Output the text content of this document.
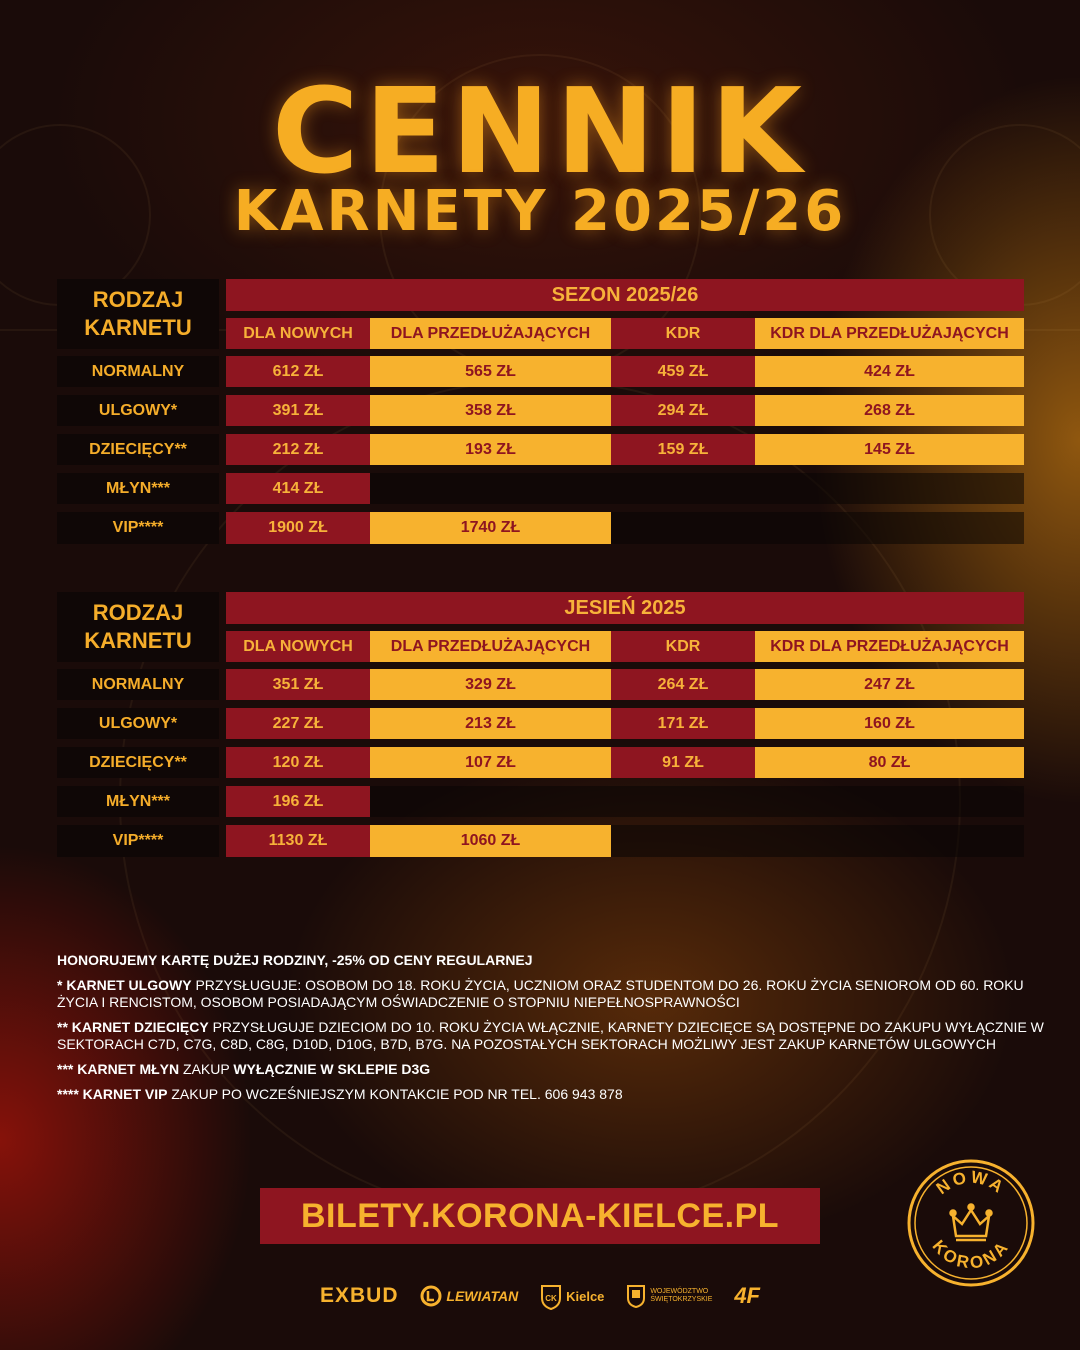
CENNIK
KARNETY 2025/26
RODZAJ KARNETU
SEZON 2025/26
DLA NOWYCH	DLA PRZEDŁUŻAJĄCYCH	KDR	KDR DLA PRZEDŁUŻAJĄCYCH
NORMALNY	612 ZŁ	565 ZŁ	459 ZŁ	424 ZŁ
ULGOWY*	391 ZŁ	358 ZŁ	294 ZŁ	268 ZŁ
DZIECIĘCY**	212 ZŁ	193 ZŁ	159 ZŁ	145 ZŁ
MŁYN***	414 ZŁ
VIP****	1900 ZŁ	1740 ZŁ
RODZAJ KARNETU
JESIEŃ 2025
DLA NOWYCH	DLA PRZEDŁUŻAJĄCYCH	KDR	KDR DLA PRZEDŁUŻAJĄCYCH
NORMALNY	351 ZŁ	329 ZŁ	264 ZŁ	247 ZŁ
ULGOWY*	227 ZŁ	213 ZŁ	171 ZŁ	160 ZŁ
DZIECIĘCY**	120 ZŁ	107 ZŁ	91 ZŁ	80 ZŁ
MŁYN***	196 ZŁ
VIP****	1130 ZŁ	1060 ZŁ

HONORUJEMY KARTĘ DUŻEJ RODZINY, -25% OD CENY REGULARNEJ

* KARNET ULGOWY PRZYSŁUGUJE: OSOBOM DO 18. ROKU ŻYCIA, UCZNIOM ORAZ STUDENTOM DO 26. ROKU ŻYCIA SENIOROM OD 60. ROKU ŻYCIA I RENCISTOM, OSOBOM POSIADAJĄCYM OŚWIADCZENIE O STOPNIU NIEPEŁNOSPRAWNOŚCI

** KARNET DZIECIĘCY PRZYSŁUGUJE DZIECIOM DO 10. ROKU ŻYCIA WŁĄCZNIE, KARNETY DZIECIĘCE SĄ DOSTĘPNE DO ZAKUPU WYŁĄCZNIE W SEKTORACH C7D, C7G, C8D, C8G, D10D, D10G, B7D, B7G. NA POZOSTAŁYCH SEKTORACH MOŻLIWY JEST ZAKUP KARNETÓW ULGOWYCH

*** KARNET MŁYN ZAKUP WYŁĄCZNIE W SKLEPIE D3G

**** KARNET VIP ZAKUP PO WCZEŚNIEJSZYM KONTAKCIE POD NR TEL. 606 943 878

BILETY.KORONA-KIELCE.PL
EXBUD	LEWIATAN	CK Kielce	WOJEWÓDZTWO
ŚWIĘTOKRZYSKIE 4F
NOWA
KORONA
